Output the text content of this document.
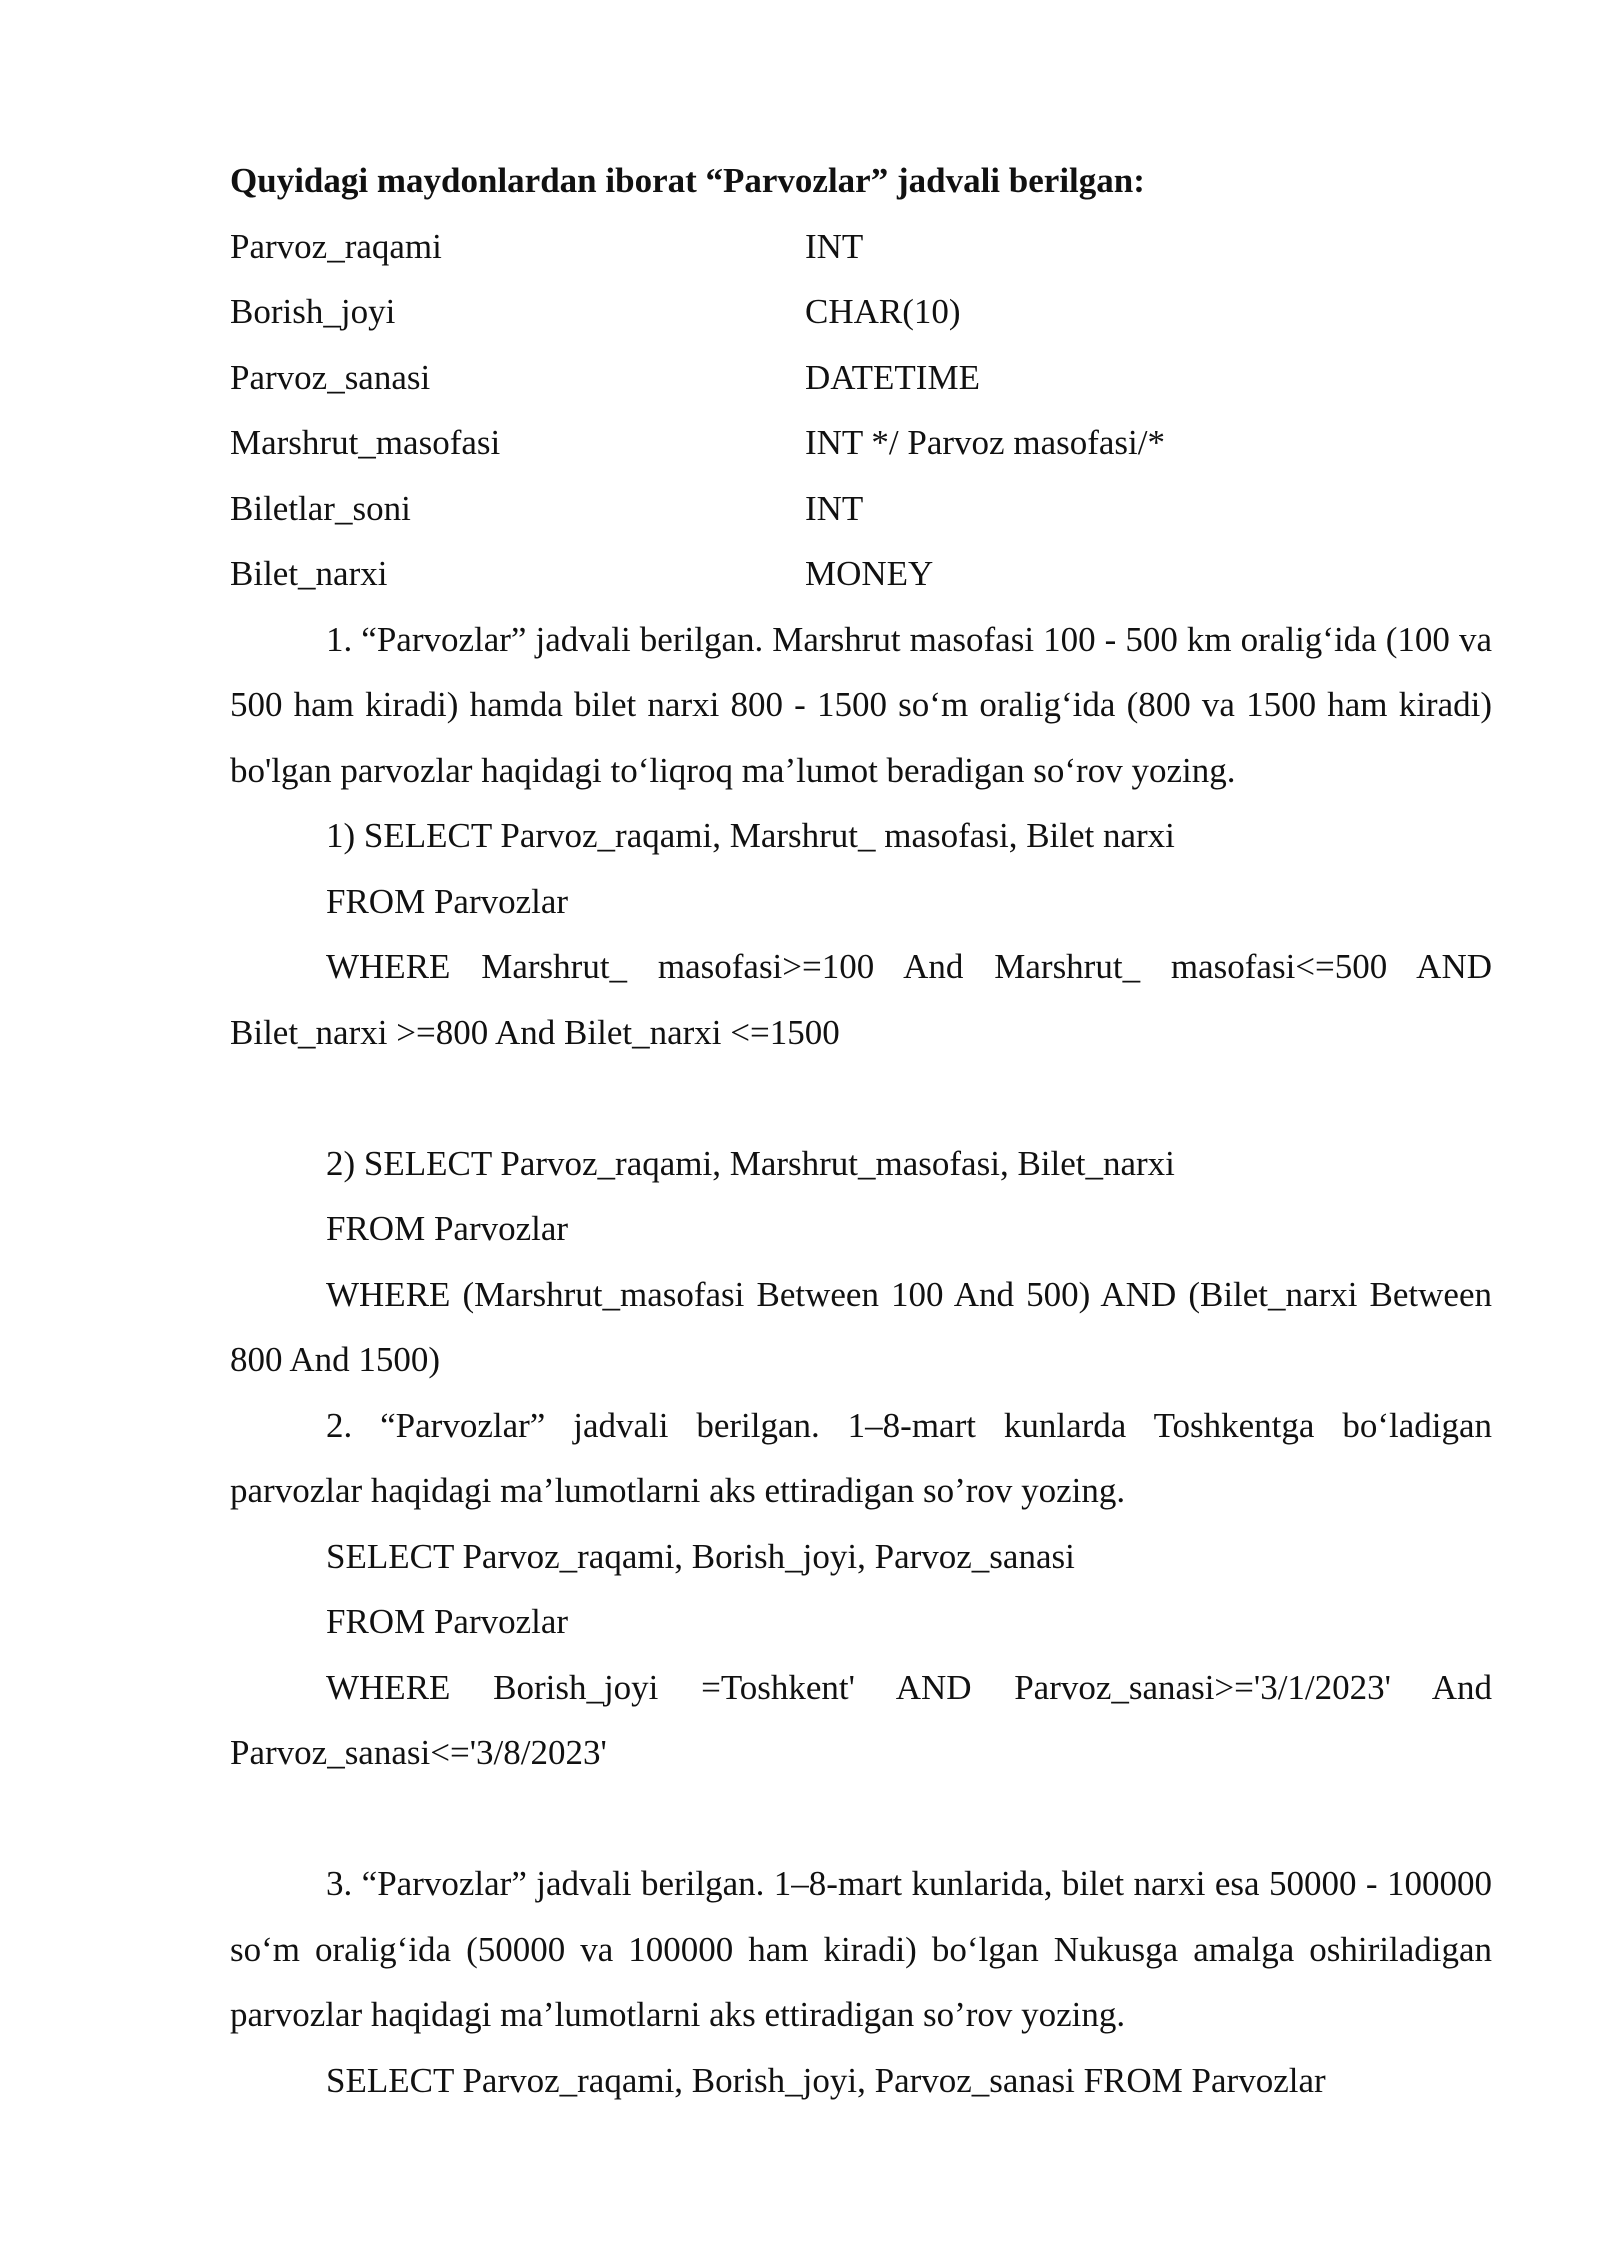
Quyidagi maydonlardan iborat “Parvozlar” jadvali berilgan:
Parvoz_raqami	INT
Borish_joyi	CHAR(10)
Parvoz_sanasi	DATETIME
Marshrut_masofasi	INT */ Parvoz masofasi/*
Biletlar_soni	INT
Bilet_narxi	MONEY

1. “Parvozlar” jadvali berilgan. Marshrut masofasi 100 - 500 km oralig‘ida (100 va 500 ham kiradi) hamda bilet narxi 800 - 1500 so‘m oralig‘ida (800 va 1500 ham kiradi) bo'lgan parvozlar haqidagi to‘liqroq ma’lumot beradigan so‘rov yozing.

1) SELECT Parvoz_raqami, Marshrut_ masofasi, Bilet narxi

FROM Parvozlar

WHERE Marshrut_ masofasi>=100 And Marshrut_ masofasi<=500 AND Bilet_narxi >=800 And Bilet_narxi <=1500

2) SELECT Parvoz_raqami, Marshrut_masofasi, Bilet_narxi

FROM Parvozlar

WHERE (Marshrut_masofasi Between 100 And 500) AND (Bilet_narxi Between 800 And 1500)

2. “Parvozlar” jadvali berilgan. 1–8-mart kunlarda Toshkentga bo‘ladigan parvozlar haqidagi ma’lumotlarni aks ettiradigan so’rov yozing.

SELECT Parvoz_raqami, Borish_joyi, Parvoz_sanasi

FROM Parvozlar

WHERE Borish_joyi =Toshkent' AND Parvoz_sanasi>='3/1/2023' And Parvoz_sanasi<='3/8/2023'

3. “Parvozlar” jadvali berilgan. 1–8-mart kunlarida, bilet narxi esa 50000 - 100000 so‘m oralig‘ida (50000 va 100000 ham kiradi) bo‘lgan Nukusga amalga oshiriladigan parvozlar haqidagi ma’lumotlarni aks ettiradigan so’rov yozing.

SELECT Parvoz_raqami, Borish_joyi, Parvoz_sanasi FROM Parvozlar
